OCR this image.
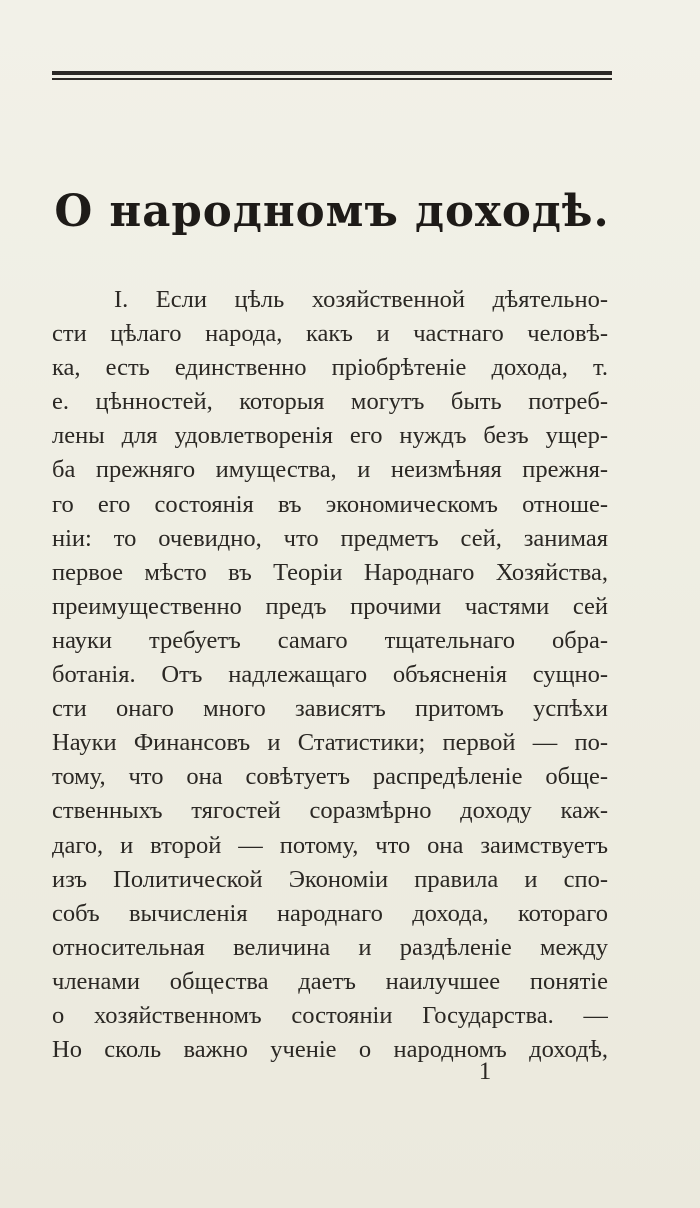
О народномъ доходѣ.
I. Если цѣль хозяйственной дѣятельно-
сти цѣлаго народа, какъ и частнаго человѣ-
ка, есть единственно пріобрѣтеніе дохода, т.
е. цѣнностей, которыя могутъ быть потреб-
лены для удовлетворенія его нуждъ безъ ущер-
ба прежняго имущества, и неизмѣняя прежня-
го его состоянія въ экономическомъ отноше-
ніи: то очевидно, что предметъ сей, занимая
первое мѣсто въ Теоріи Народнаго Хозяйства,
преимущественно предъ прочими частями сей
науки требуетъ самаго тщательнаго обра-
ботанія. Отъ надлежащаго объясненія сущно-
сти онаго много зависятъ притомъ успѣхи
Науки Финансовъ и Статистики; первой — по-
тому, что она совѣтуетъ распредѣленіе обще-
ственныхъ тягостей соразмѣрно доходу каж-
даго, и второй — потому, что она заимствуетъ
изъ Политической Экономіи правила и спо-
собъ вычисленія народнаго дохода, котораго
относительная величина и раздѣленіе между
членами общества даетъ наилучшее понятіе
о хозяйственномъ состояніи Государства. —
Но сколь важно ученіе о народномъ доходѣ,
1
